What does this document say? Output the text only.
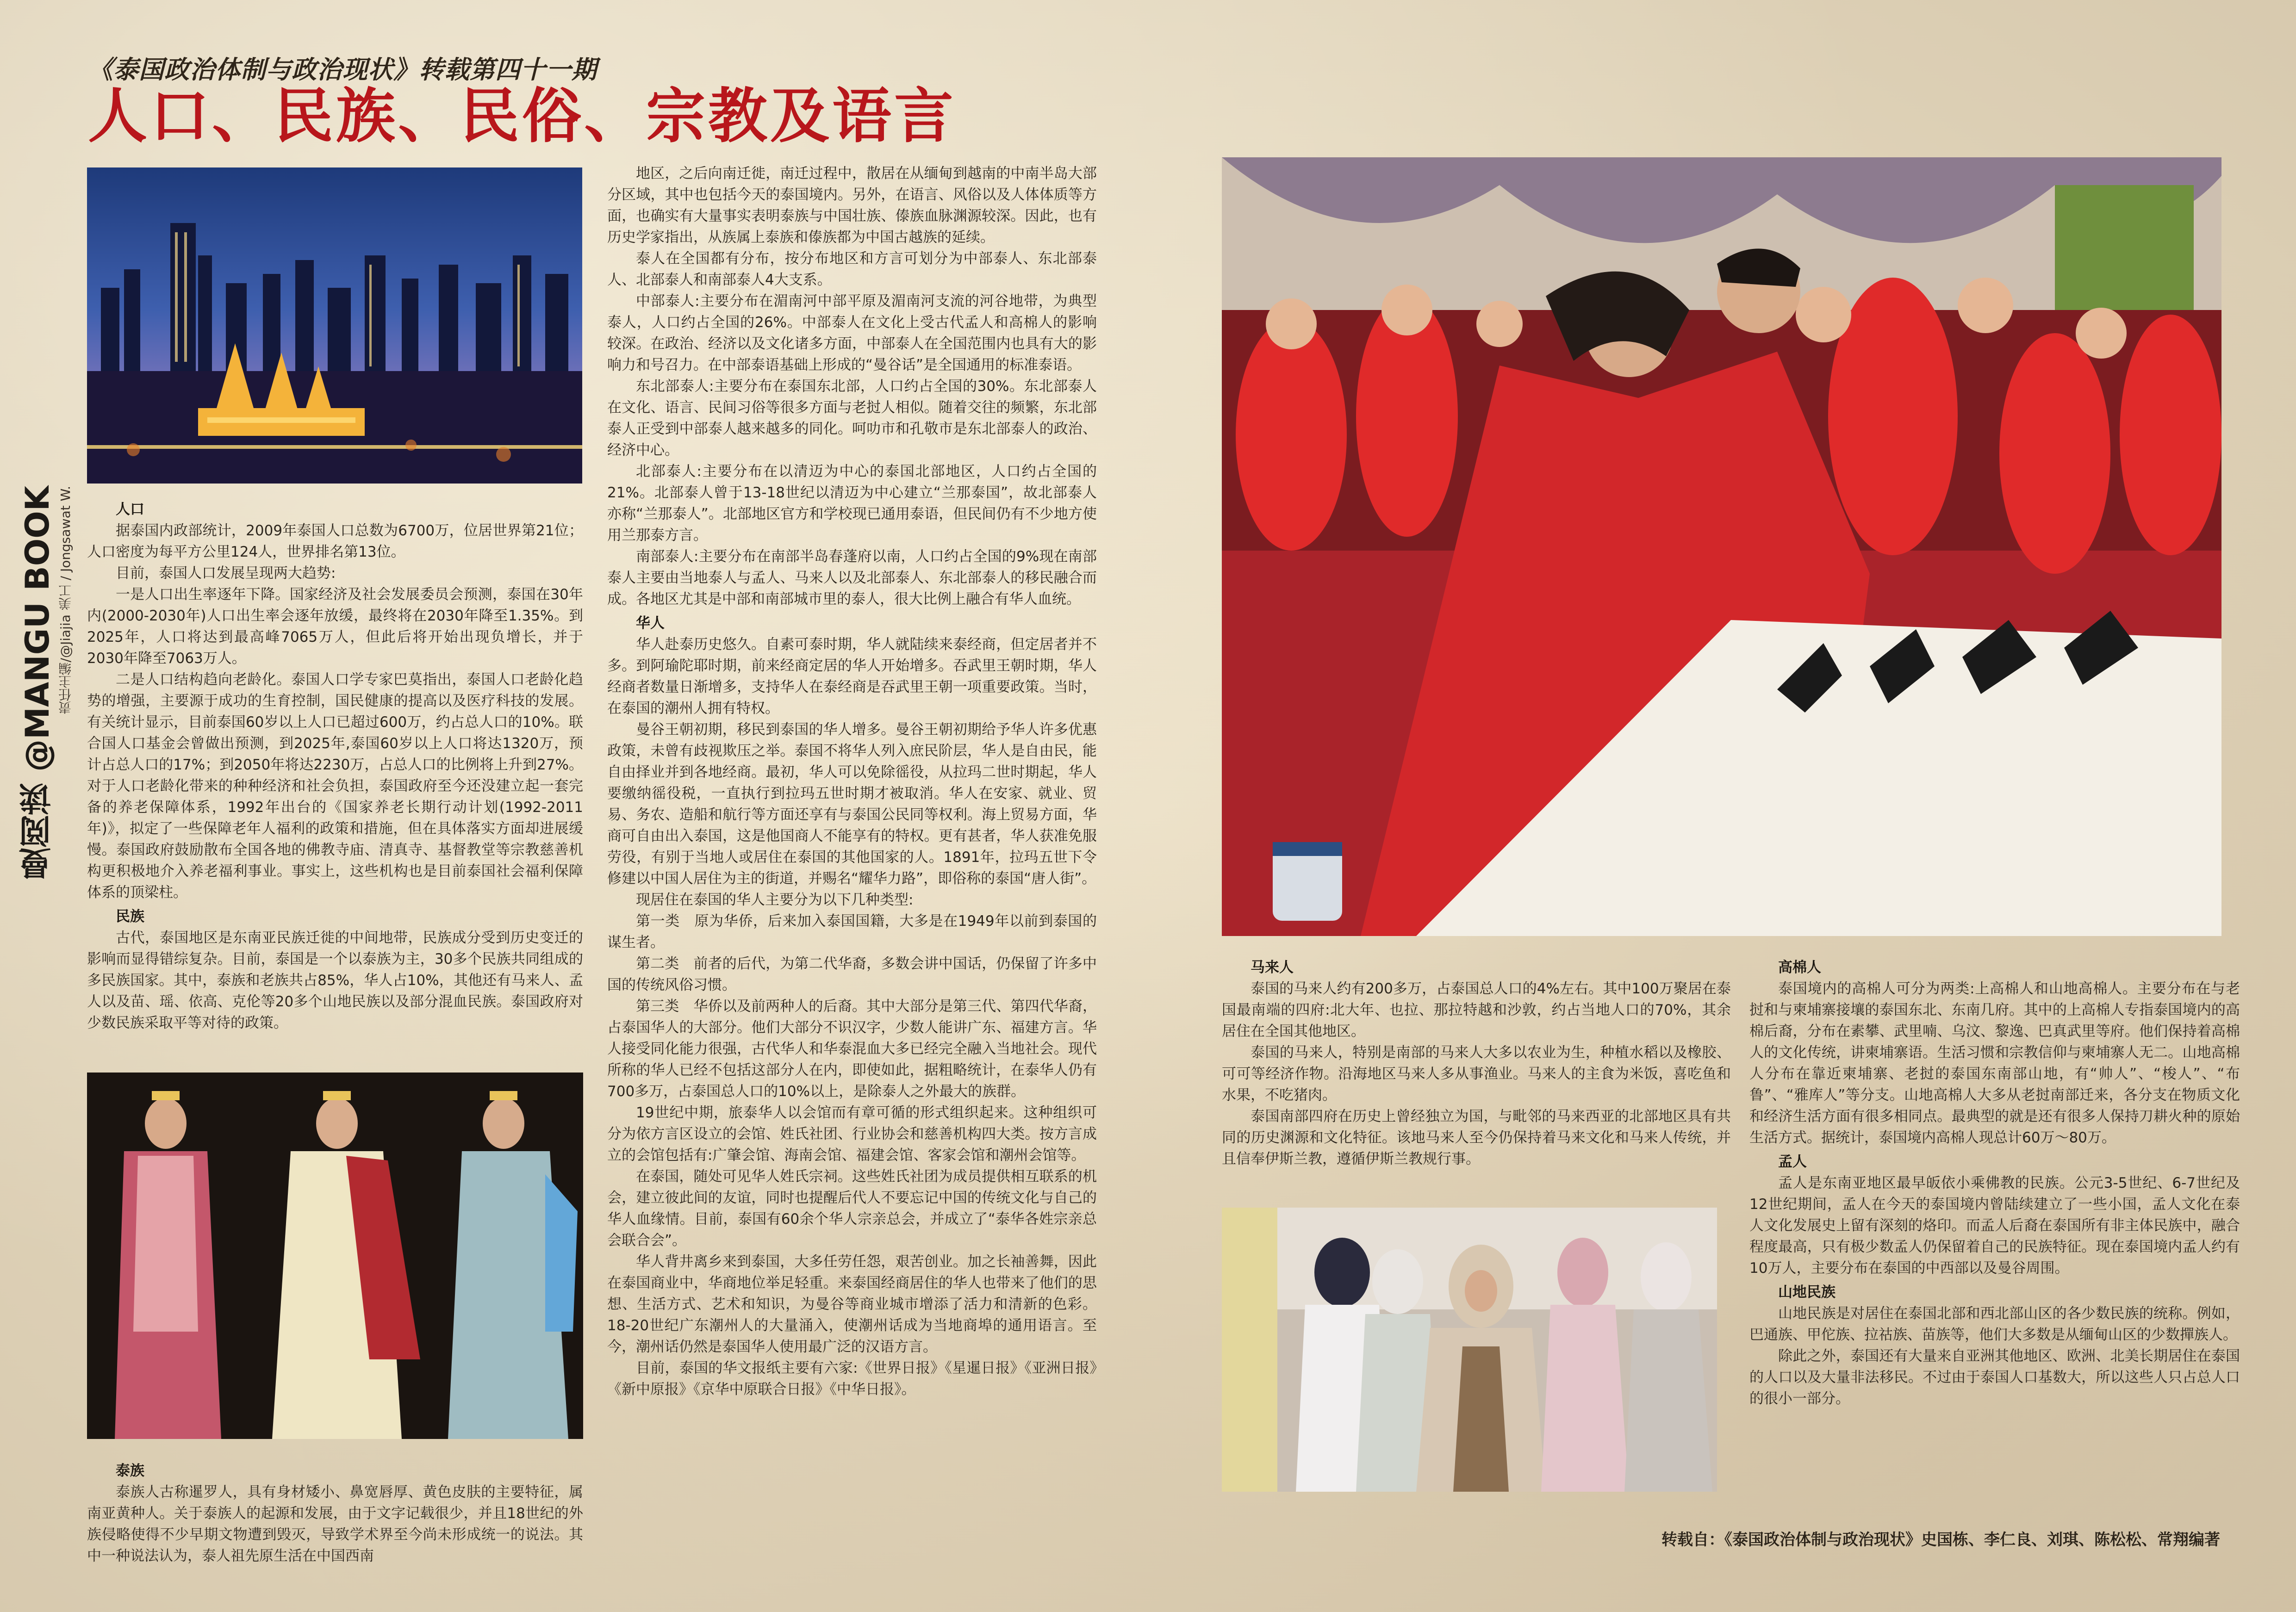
《泰国政治体制与政治现状》转载第四十一期
人口、民族、民俗、宗教及语言
曼阅读 @MANGU BOOK 责任主编/@Jiajia 美工 / Jongsawat W.	人口

据泰国内政部统计，2009年泰国人口总数为6700万，位居世界第21位；人口密度为每平方公里124人，世界排名第13位。

目前，泰国人口发展呈现两大趋势:

一是人口出生率逐年下降。国家经济及社会发展委员会预测，泰国在30年内(2000-2030年)人口出生率会逐年放缓，最终将在2030年降至1.35%。到2025年，人口将达到最高峰7065万人，但此后将开始出现负增长，并于2030年降至7063万人。

二是人口结构趋向老龄化。泰国人口学专家巴莫指出，泰国人口老龄化趋势的增强，主要源于成功的生育控制，国民健康的提高以及医疗科技的发展。有关统计显示，目前泰国60岁以上人口已超过600万，约占总人口的10%。联合国人口基金会曾做出预测，到2025年,泰国60岁以上人口将达1320万，预计占总人口的17%；到2050年将达2230万，占总人口的比例将上升到27%。对于人口老龄化带来的种种经济和社会负担，泰国政府至今还没建立起一套完备的养老保障体系，1992年出台的《国家养老长期行动计划(1992-2011年)》，拟定了一些保障老年人福利的政策和措施，但在具体落实方面却进展缓慢。泰国政府鼓励散布全国各地的佛教寺庙、清真寺、基督教堂等宗教慈善机构更积极地介入养老福利事业。事实上，这些机构也是目前泰国社会福利保障体系的顶梁柱。

民族

古代，泰国地区是东南亚民族迁徙的中间地带，民族成分受到历史变迁的影响而显得错综复杂。目前，泰国是一个以泰族为主，30多个民族共同组成的多民族国家。其中，泰族和老族共占85%，华人占10%，其他还有马来人、孟人以及苗、瑶、依高、克伦等20多个山地民族以及部分混血民族。泰国政府对少数民族采取平等对待的政策。

泰族

泰族人古称暹罗人，具有身材矮小、鼻宽唇厚、黄色皮肤的主要特征，属南亚黄种人。关于泰族人的起源和发展，由于文字记载很少，并且18世纪的外族侵略使得不少早期文物遭到毁灭，导致学术界至今尚未形成统一的说法。其中一种说法认为，泰人祖先原生活在中国西南

地区，之后向南迁徙，南迁过程中，散居在从缅甸到越南的中南半岛大部分区域，其中也包括今天的泰国境内。另外，在语言、风俗以及人体体质等方面，也确实有大量事实表明泰族与中国壮族、傣族血脉渊源较深。因此，也有历史学家指出，从族属上泰族和傣族都为中国古越族的延续。

泰人在全国都有分布，按分布地区和方言可划分为中部泰人、东北部泰人、北部泰人和南部泰人4大支系。

中部泰人:主要分布在湄南河中部平原及湄南河支流的河谷地带，为典型泰人，人口约占全国的26%。中部泰人在文化上受古代孟人和高棉人的影响较深。在政治、经济以及文化诸多方面，中部泰人在全国范围内也具有大的影响力和号召力。在中部泰语基础上形成的“曼谷话”是全国通用的标准泰语。

东北部泰人:主要分布在泰国东北部，人口约占全国的30%。东北部泰人在文化、语言、民间习俗等很多方面与老挝人相似。随着交往的频繁，东北部泰人正受到中部泰人越来越多的同化。呵叻市和孔敬市是东北部泰人的政治、经济中心。

北部泰人:主要分布在以清迈为中心的泰国北部地区，人口约占全国的21%。北部泰人曾于13-18世纪以清迈为中心建立“兰那泰国”，故北部泰人亦称“兰那泰人”。北部地区官方和学校现已通用泰语，但民间仍有不少地方使用兰那泰方言。

南部泰人:主要分布在南部半岛春蓬府以南，人口约占全国的9%现在南部泰人主要由当地泰人与孟人、马来人以及北部泰人、东北部泰人的移民融合而成。各地区尤其是中部和南部城市里的泰人，很大比例上融合有华人血统。

华人

华人赴泰历史悠久。自素可泰时期，华人就陆续来泰经商，但定居者并不多。到阿瑜陀耶时期，前来经商定居的华人开始增多。吞武里王朝时期，华人经商者数量日渐增多，支持华人在泰经商是吞武里王朝一项重要政策。当时，在泰国的潮州人拥有特权。

曼谷王朝初期，移民到泰国的华人增多。曼谷王朝初期给予华人许多优惠政策，未曾有歧视欺压之举。泰国不将华人列入庶民阶层，华人是自由民，能自由择业并到各地经商。最初，华人可以免除徭役，从拉玛二世时期起，华人要缴纳徭役税，一直执行到拉玛五世时期才被取消。华人在安家、就业、贸易、务农、造船和航行等方面还享有与泰国公民同等权利。海上贸易方面，华商可自由出入泰国，这是他国商人不能享有的特权。更有甚者，华人获准免服劳役，有别于当地人或居住在泰国的其他国家的人。1891年，拉玛五世下令修建以中国人居住为主的街道，并赐名“耀华力路”，即俗称的泰国“唐人街”。

现居住在泰国的华人主要分为以下几种类型:

第一类　原为华侨，后来加入泰国国籍，大多是在1949年以前到泰国的谋生者。

第二类　前者的后代，为第二代华裔，多数会讲中国话，仍保留了许多中国的传统风俗习惯。

第三类　华侨以及前两种人的后裔。其中大部分是第三代、第四代华裔，占泰国华人的大部分。他们大部分不识汉字，少数人能讲广东、福建方言。华人接受同化能力很强，古代华人和华泰混血大多已经完全融入当地社会。现代所称的华人已经不包括这部分人在内，即使如此，据粗略统计，在泰华人仍有700多万，占泰国总人口的10%以上，是除泰人之外最大的族群。

19世纪中期，旅泰华人以会馆而有章可循的形式组织起来。这种组织可分为依方言区设立的会馆、姓氏社团、行业协会和慈善机构四大类。按方言成立的会馆包括有:广肇会馆、海南会馆、福建会馆、客家会馆和潮州会馆等。

在泰国，随处可见华人姓氏宗祠。这些姓氏社团为成员提供相互联系的机会，建立彼此间的友谊，同时也提醒后代人不要忘记中国的传统文化与自己的华人血缘情。目前，泰国有60余个华人宗亲总会，并成立了“泰华各姓宗亲总会联合会”。

华人背井离乡来到泰国，大多任劳任怨，艰苦创业。加之长袖善舞，因此在泰国商业中，华商地位举足轻重。来泰国经商居住的华人也带来了他们的思想、生活方式、艺术和知识，为曼谷等商业城市增添了活力和清新的色彩。18-20世纪广东潮州人的大量涌入，使潮州话成为当地商埠的通用语言。至今，潮州话仍然是泰国华人使用最广泛的汉语方言。

目前，泰国的华文报纸主要有六家:《世界日报》《星暹日报》《亚洲日报》《新中原报》《京华中原联合日报》《中华日报》。

马来人

泰国的马来人约有200多万，占泰国总人口的4%左右。其中100万聚居在泰国最南端的四府:北大年、也拉、那拉特越和沙敦，约占当地人口的70%，其余居住在全国其他地区。

泰国的马来人，特别是南部的马来人大多以农业为生，种植水稻以及橡胶、可可等经济作物。沿海地区马来人多从事渔业。马来人的主食为米饭，喜吃鱼和水果，不吃猪肉。

泰国南部四府在历史上曾经独立为国，与毗邻的马来西亚的北部地区具有共同的历史渊源和文化特征。该地马来人至今仍保持着马来文化和马来人传统，并且信奉伊斯兰教，遵循伊斯兰教规行事。

高棉人

泰国境内的高棉人可分为两类:上高棉人和山地高棉人。主要分布在与老挝和与柬埔寨接壤的泰国东北、东南几府。其中的上高棉人专指泰国境内的高棉后裔，分布在素攀、武里喃、乌汶、黎逸、巴真武里等府。他们保持着高棉人的文化传统，讲柬埔寨语。生活习惯和宗教信仰与柬埔寨人无二。山地高棉人分布在靠近柬埔寨、老挝的泰国东南部山地，有“帅人”、“梭人”、“布鲁”、“雅库人”等分支。山地高棉人大多从老挝南部迁来，各分支在物质文化和经济生活方面有很多相同点。最典型的就是还有很多人保持刀耕火种的原始生活方式。据统计，泰国境内高棉人现总计60万～80万。

孟人

孟人是东南亚地区最早皈依小乘佛教的民族。公元3-5世纪、6-7世纪及12世纪期间，孟人在今天的泰国境内曾陆续建立了一些小国，孟人文化在泰人文化发展史上留有深刻的烙印。而孟人后裔在泰国所有非主体民族中，融合程度最高，只有极少数孟人仍保留着自己的民族特征。现在泰国境内孟人约有10万人，主要分布在泰国的中西部以及曼谷周围。

山地民族

山地民族是对居住在泰国北部和西北部山区的各少数民族的统称。例如，巴通族、甲佗族、拉祜族、苗族等，他们大多数是从缅甸山区的少数撣族人。

除此之外，泰国还有大量来自亚洲其他地区、欧洲、北美长期居住在泰国的人口以及大量非法移民。不过由于泰国人口基数大，所以这些人只占总人口的很小一部分。

转载自：《泰国政治体制与政治现状》史国栋、李仁良、刘琪、陈松松、常翔编著
